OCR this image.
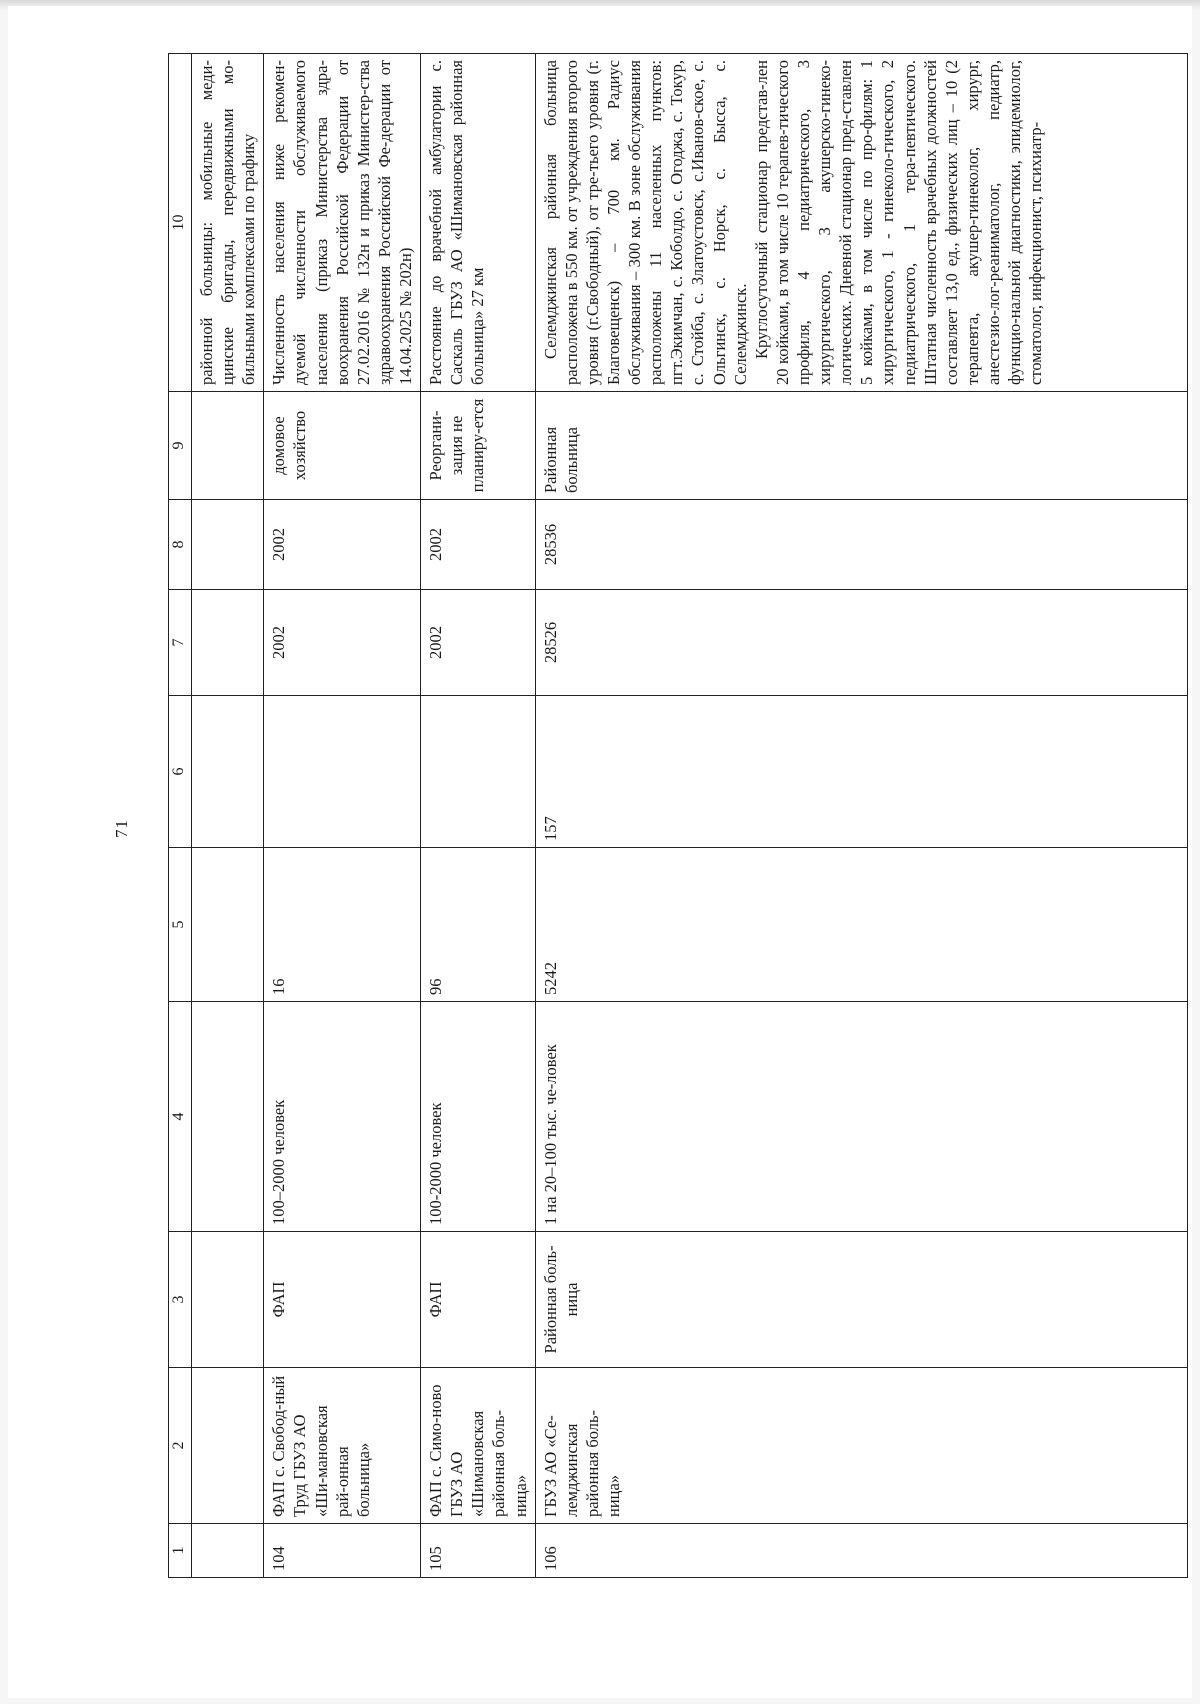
71
1	2	3	4	5	6	7	8	9	10
									районной больницы: мобильные меди-цинские бригады, передвижными мо-бильными комплексами по графику
104	ФАП с. Свобод-ный Труд ГБУЗ АО «Ши-мановская рай-онная больница»	ФАП	100–2000 человек	16		2002	2002	домовое хозяйство	Численность населения ниже рекомен-дуемой численности обслуживаемого населения (приказ Министерства здра-воохранения Российской Федерации от 27.02.2016 № 132н и приказ Министер-ства здравоохранения Российской Фе-дерации от 14.04.2025 № 202н)
105	ФАП с. Симо-ново ГБУЗ АО «Шимановская районная боль-ница»	ФАП	100-2000 человек	96		2002	2002	Реоргани-зация не планиру-ется	Расстояние до врачебной амбулатории с. Саскаль ГБУЗ АО «Шимановская районная больница» 27 км
106	ГБУЗ АО «Се-лемджинская районная боль-ница»	Районная боль-ница	1 на 20–100 тыс. че-ловек	5242	157	28526	28536	Районная больница	Селемджинская районная больница расположена в 550 км. от учреждения второго уровня (г.Свободный), от тре-тьего уровня (г. Благовещенск) – 700 км. Радиус обслуживания – 300 км. В зоне обслуживания расположены 11 населенных пунктов: пгт.Экимчан, с. Коболдо, с. Огоджа, с. Токур, с. Стойба, с. Златоустовск, с.Иванов-ское, с. Ольгинск, с. Норск, с. Бысса, с. Селемджинск. Круглосуточный стационар представ-лен 20 койками, в том числе 10 терапев-тического профиля, 4 педиатрического, 3 хирургического, 3 акушерско-гинеко-логических. Дневной стационар пред-ставлен 5 койками, в том числе по про-филям: 1 хирургического, 1 - гинеколо-гического, 2 педиатрического, 1 тера-певтического. Штатная численность врачебных должностей составляет 13,0 ед., физических лиц – 10 (2 терапевта, акушер-гинеколог, хирург, анестезио-лог-реаниматолог, педиатр, функцио-нальной диагностики, эпидемиолог, стоматолог, инфекционист, психиатр-
